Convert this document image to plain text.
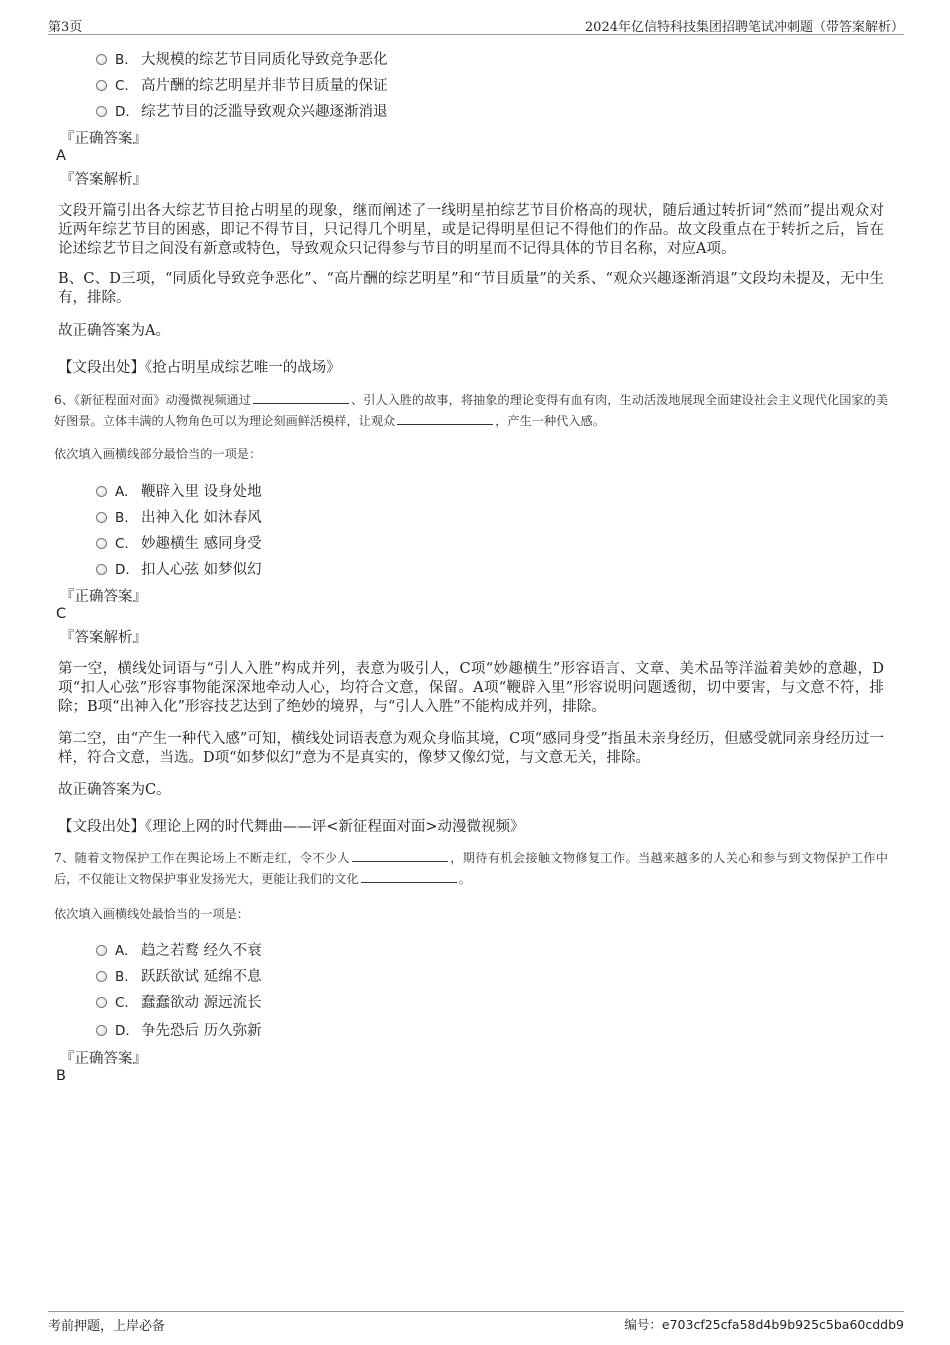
第3页	2024年亿信特科技集团招聘笔试冲刺题（带答案解析）
B. 大规模的综艺节目同质化导致竞争恶化
C. 高片酬的综艺明星并非节目质量的保证
D. 综艺节目的泛滥导致观众兴趣逐渐消退
『正确答案』
A
『答案解析』
文段开篇引出各大综艺节目抢占明星的现象，继而阐述了一线明星拍综艺节目价格高的现状，随后通过转折词“然而”提出观众对近两年综艺节目的困惑，即记不得节目，只记得几个明星，或是记得明星但记不得他们的作品。故文段重点在于转折之后，旨在论述综艺节目之间没有新意或特色，导致观众只记得参与节目的明星而不记得具体的节目名称，对应A项。
B、C、D三项，“同质化导致竞争恶化”、“高片酬的综艺明星”和“节目质量”的关系、“观众兴趣逐渐消退”文段均未提及，无中生有，排除。
故正确答案为A。
【文段出处】《抢占明星成综艺唯一的战场》
6、《新征程面对面》动漫微视频通过	、引人入胜的故事，将抽象的理论变得有血有肉，生动活泼地展现全面建设社会主义现代化国家的美好图景。立体丰满的人物角色可以为理论刻画鲜活模样，让观众	，产生一种代入感。
依次填入画横线部分最恰当的一项是：
A. 鞭辟入里 设身处地
B. 出神入化 如沐春风
C. 妙趣横生 感同身受
D. 扣人心弦 如梦似幻
『正确答案』
C
『答案解析』
第一空，横线处词语与“引人入胜”构成并列，表意为吸引人，C项“妙趣横生”形容语言、文章、美术品等洋溢着美妙的意趣，D项“扣人心弦”形容事物能深深地牵动人心，均符合文意，保留。A项“鞭辟入里”形容说明问题透彻，切中要害，与文意不符，排除；B项“出神入化”形容技艺达到了绝妙的境界，与“引人入胜”不能构成并列，排除。
第二空，由“产生一种代入感”可知，横线处词语表意为观众身临其境，C项“感同身受”指虽未亲身经历，但感受就同亲身经历过一样，符合文意，当选。D项“如梦似幻”意为不是真实的，像梦又像幻觉，与文意无关，排除。
故正确答案为C。
【文段出处】《理论上网的时代舞曲——评<新征程面对面>动漫微视频》
7、随着文物保护工作在舆论场上不断走红，令不少人	，期待有机会接触文物修复工作。当越来越多的人关心和参与到文物保护工作中后，不仅能让文物保护事业发扬光大，更能让我们的文化	。
依次填入画横线处最恰当的一项是：
A. 趋之若鹜 经久不衰
B. 跃跃欲试 延绵不息
C. 蠢蠢欲动 源远流长
D. 争先恐后 历久弥新
『正确答案』
B
考前押题，上岸必备	编号：e703cf25cfa58d4b9b925c5ba60cddb9
